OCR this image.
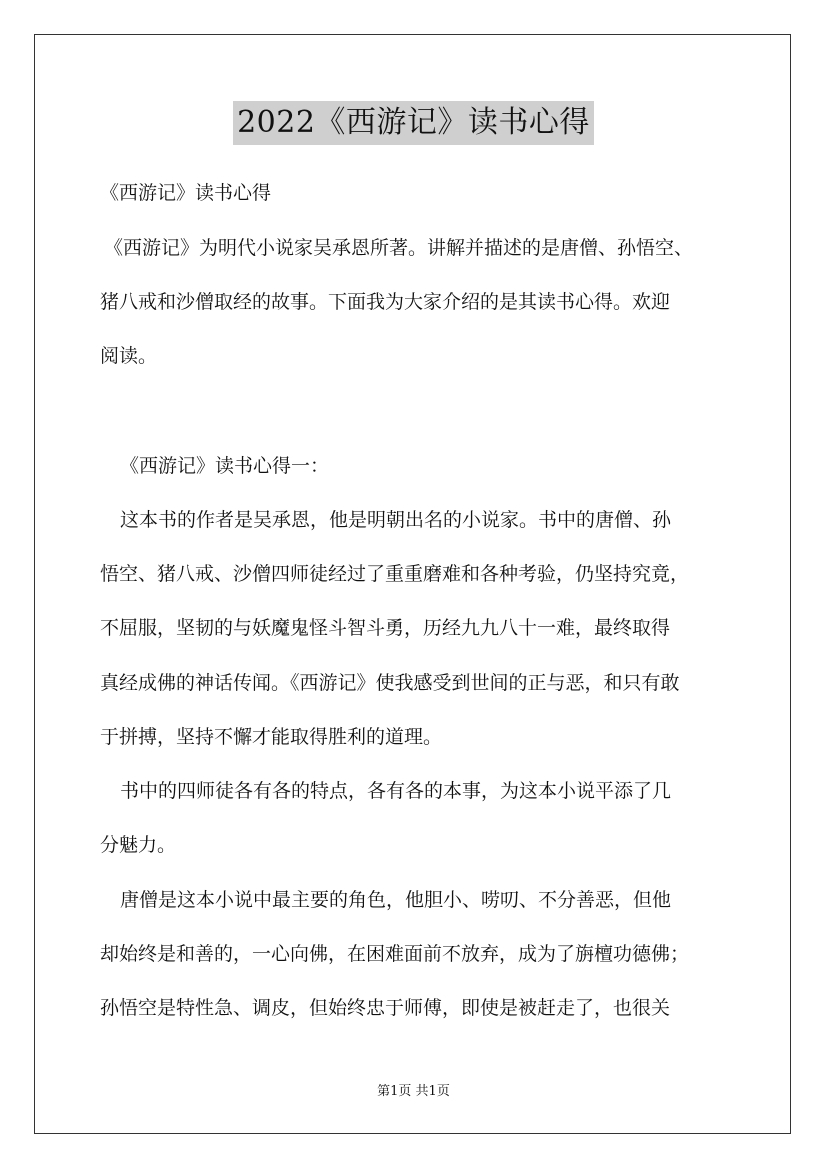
2022《西游记》读书心得

《西游记》读书心得

《西游记》为明代小说家吴承恩所著。讲解并描述的是唐僧、孙悟空、

猪八戒和沙僧取经的故事。下面我为大家介绍的是其读书心得。欢迎

阅读。

《西游记》读书心得一：

这本书的作者是吴承恩，他是明朝出名的小说家。书中的唐僧、孙

悟空、猪八戒、沙僧四师徒经过了重重磨难和各种考验，仍坚持究竟，

不屈服，坚韧的与妖魔鬼怪斗智斗勇，历经九九八十一难，最终取得

真经成佛的神话传闻。《西游记》使我感受到世间的正与恶，和只有敢

于拼搏，坚持不懈才能取得胜利的道理。

书中的四师徒各有各的特点，各有各的本事，为这本小说平添了几

分魅力。

唐僧是这本小说中最主要的角色，他胆小、唠叨、不分善恶，但他

却始终是和善的，一心向佛，在困难面前不放弃，成为了旃檀功德佛；

孙悟空是特性急、调皮，但始终忠于师傅，即使是被赶走了，也很关

第1页 共1页
